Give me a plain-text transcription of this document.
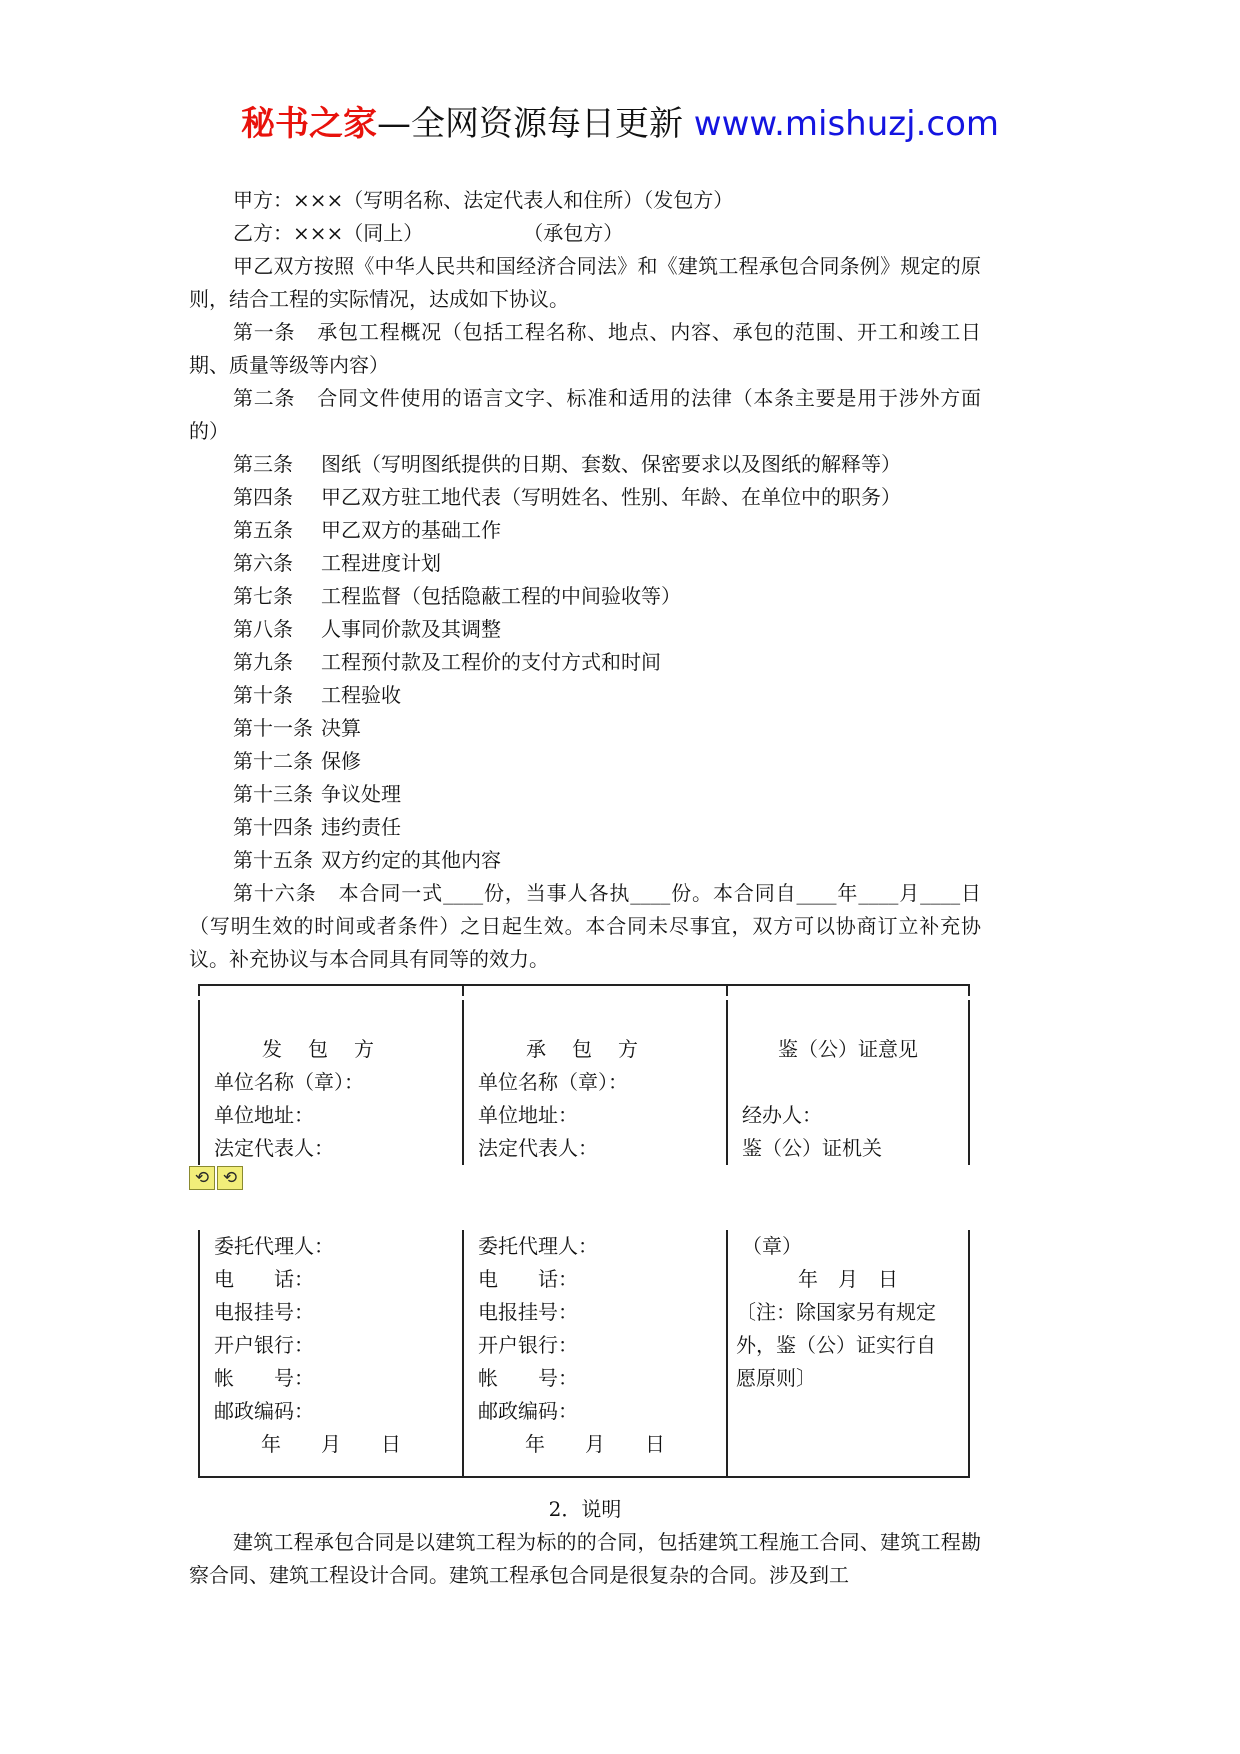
秘书之家—全网资源每日更新 www.mishuzj.com

甲方：×××（写明名称、法定代表人和住所）（发包方）

乙方：×××（同上）　　　　　　（承包方）

甲乙双方按照《中华人民共和国经济合同法》和《建筑工程承包合同条例》规定的原则，结合工程的实际情况，达成如下协议。

第一条 承包工程概况（包括工程名称、地点、内容、承包的范围、开工和竣工日期、质量等级等内容）

第二条 合同文件使用的语言文字、标准和适用的法律（本条主要是用于涉外方面的）

第三条 图纸（写明图纸提供的日期、套数、保密要求以及图纸的解释等）

第四条 甲乙双方驻工地代表（写明姓名、性别、年龄、在单位中的职务）

第五条 甲乙双方的基础工作

第六条 工程进度计划

第七条 工程监督（包括隐蔽工程的中间验收等）

第八条 人事同价款及其调整

第九条 工程预付款及工程价的支付方式和时间

第十条 工程验收

第十一条 决算

第十二条 保修

第十三条 争议处理

第十四条 违约责任

第十五条 双方约定的其他内容

第十六条 本合同一式____份，当事人各执____份。本合同自____年____月____日（写明生效的时间或者条件）之日起生效。本合同未尽事宜，双方可以协商订立补充协议。补充协议与本合同具有同等的效力。

发包方	承包方	鉴（公）证意见
单位名称（章）：	单位名称（章）：
单位地址：	单位地址：	经办人：
法定代表人：	法定代表人：	鉴（公）证机关
⟲ ⟲
委托代理人：	委托代理人：	（章）
电　　话：	电　　话：	年　月　日
电报挂号：	电报挂号：	〔注：除国家另有规定
开户银行：	开户银行：	外，鉴（公）证实行自
帐　　号：	帐　　号：	愿原则〕
邮政编码：	邮政编码：
年　　月　　日	年　　月　　日

2．说明

建筑工程承包合同是以建筑工程为标的的合同，包括建筑工程施工合同、建筑工程勘察合同、建筑工程设计合同。建筑工程承包合同是很复杂的合同。涉及到工
